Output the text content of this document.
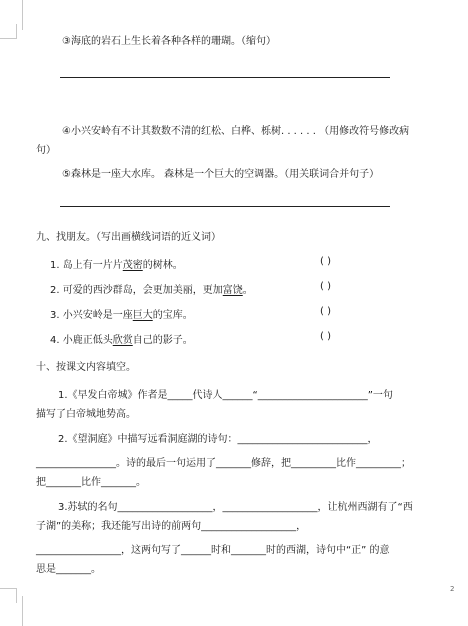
③海底的岩石上生长着各种各样的珊瑚。（缩句）
④小兴安岭有不计其数数不清的红松、白桦、栎树. . . . . . （用修改符号修改病
句）
⑤森林是一座大水库。 森林是一个巨大的空调器。（用关联词合并句子）
九、找朋友。（写出画横线词语的近义词）
1. 岛上有一片片茂密的树林。	( )
2. 可爱的西沙群岛，会更加美丽，更加富饶。	( )
3. 小兴安岭是一座巨大的宝库。	( )
4. 小鹿正低头欣赏自己的影子。	( )
十、按课文内容填空。
1.《早发白帝城》作者是_____代诗人______“______________________”一句
描写了白帝城地势高。
2.《望洞庭》中描写远看洞庭湖的诗句：__________________________，
________________。诗的最后一句运用了_______修辞，把_________比作_________；
把_______比作_______。
3.苏轼的名句___________________，___________________，让杭州西湖有了“西
子湖”的美称；我还能写出诗的前两句___________________，
_________________，这两句写了______时和_______时的西湖，诗句中“正” 的意
思是_______。
2
